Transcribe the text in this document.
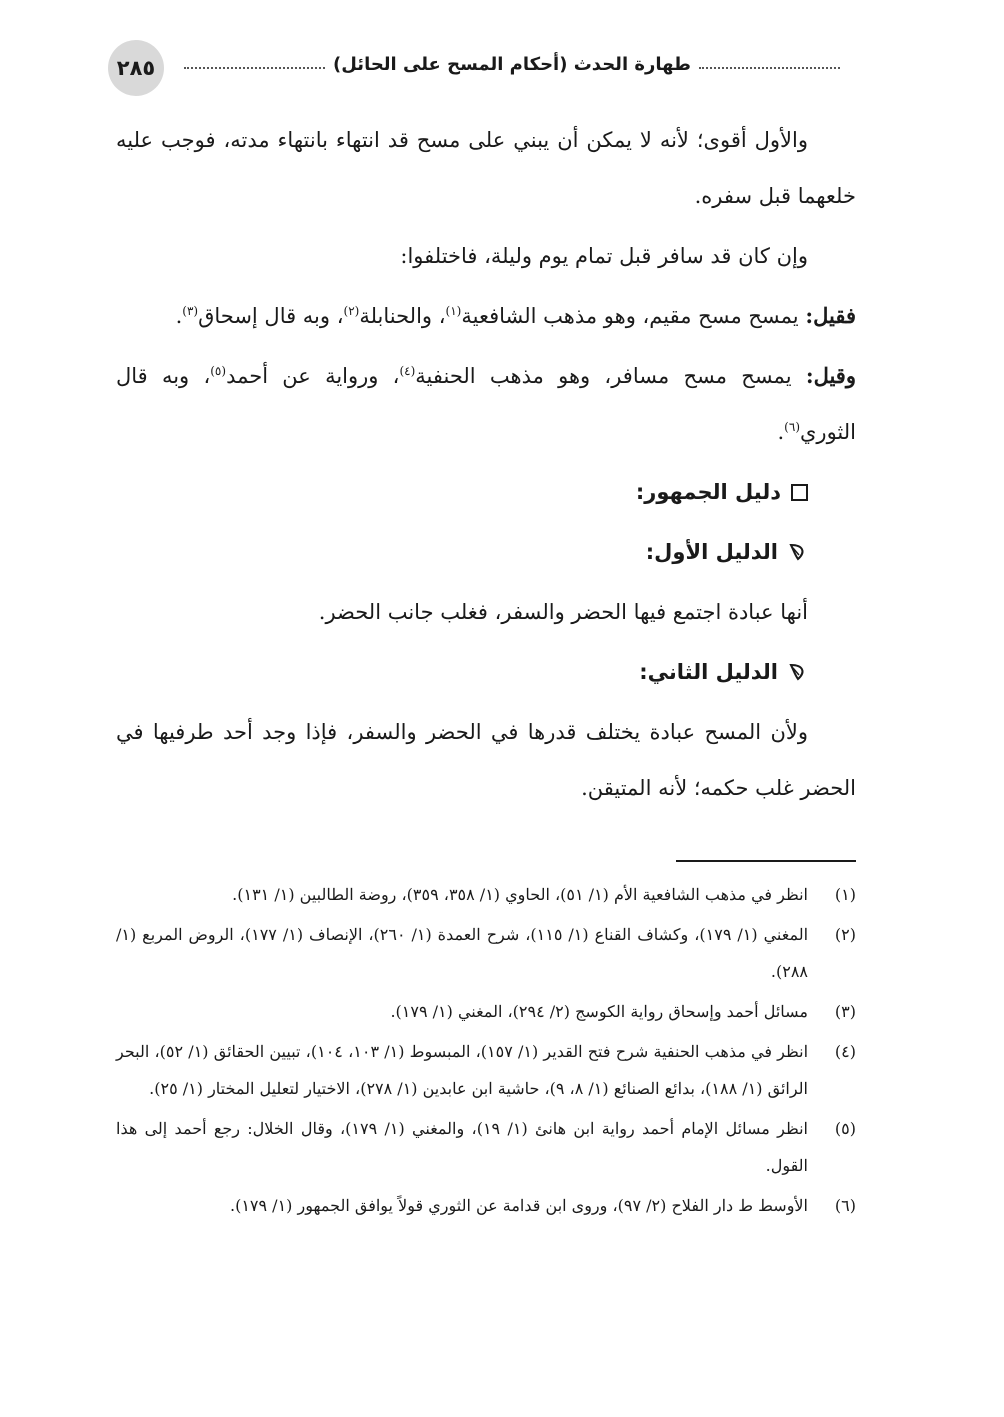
٢٨٥	طهارة الحدث (أحكام المسح على الحائل)

والأول أقوى؛ لأنه لا يمكن أن يبني على مسح قد انتهاء بانتهاء مدته، فوجب عليه خلعهما قبل سفره.

وإن كان قد سافر قبل تمام يوم وليلة، فاختلفوا:

فقيل: يمسح مسح مقيم، وهو مذهب الشافعية$^{(١)}$، والحنابلة$^{(٢)}$، وبه قال إسحاق$^{(٣)}$.

وقيل: يمسح مسح مسافر، وهو مذهب الحنفية$^{(٤)}$، ورواية عن أحمد$^{(٥)}$، وبه قال الثوري$^{(٦)}$.

دليل الجمهور:
الدليل الأول:

أنها عبادة اجتمع فيها الحضر والسفر، فغلب جانب الحضر.

الدليل الثاني:

ولأن المسح عبادة يختلف قدرها في الحضر والسفر، فإذا وجد أحد طرفيها في الحضر غلب حكمه؛ لأنه المتيقن.

(١)
انظر في مذهب الشافعية الأم (١/ ٥١)، الحاوي (١/ ٣٥٨، ٣٥٩)، روضة الطالبين (١/ ١٣١).
(٢)
المغني (١/ ١٧٩)، وكشاف القناع (١/ ١١٥)، شرح العمدة (١/ ٢٦٠)، الإنصاف (١/ ١٧٧)، الروض المربع (١/ ٢٨٨).
(٣)
مسائل أحمد وإسحاق رواية الكوسج (٢/ ٢٩٤)، المغني (١/ ١٧٩).
(٤)
انظر في مذهب الحنفية شرح فتح القدير (١/ ١٥٧)، المبسوط (١/ ١٠٣، ١٠٤)، تبيين الحقائق (١/ ٥٢)، البحر الرائق (١/ ١٨٨)، بدائع الصنائع (١/ ٨، ٩)، حاشية ابن عابدين (١/ ٢٧٨)، الاختيار لتعليل المختار (١/ ٢٥).
(٥)
انظر مسائل الإمام أحمد رواية ابن هانئ (١/ ١٩)، والمغني (١/ ١٧٩)، وقال الخلال: رجع أحمد إلى هذا القول.
(٦)
الأوسط ط دار الفلاح (٢/ ٩٧)، وروى ابن قدامة عن الثوري قولاً يوافق الجمهور (١/ ١٧٩).
